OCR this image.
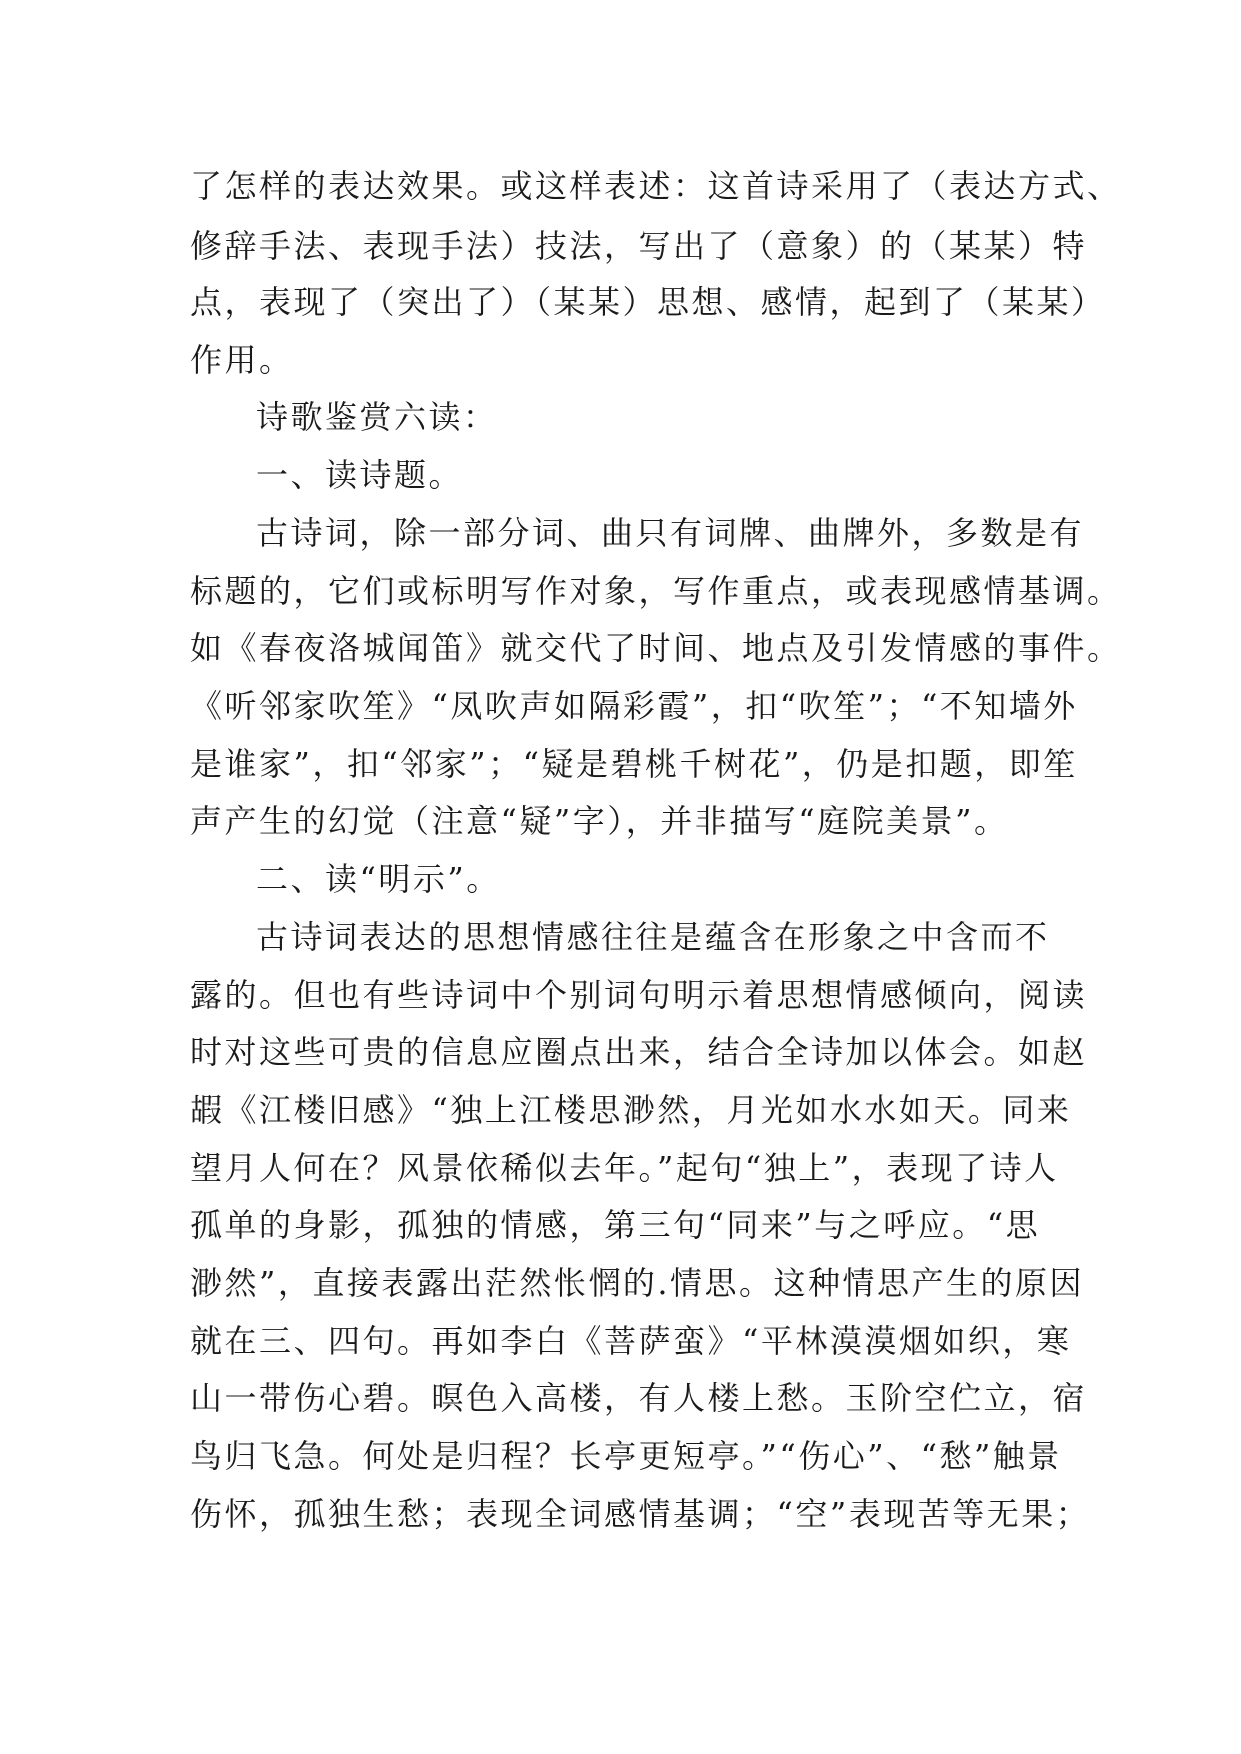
了怎样的表达效果。或这样表述：这首诗采用了（表达方式、
修辞手法、表现手法）技法，写出了（意象）的（某某）特
点，表现了（突出了）（某某）思想、感情，起到了（某某）
作用。
诗歌鉴赏六读：
一、读诗题。
古诗词，除一部分词、曲只有词牌、曲牌外，多数是有
标题的，它们或标明写作对象，写作重点，或表现感情基调。
如《春夜洛城闻笛》就交代了时间、地点及引发情感的事件。
《听邻家吹笙》“凤吹声如隔彩霞”，扣“吹笙”；“不知墙外
是谁家”，扣“邻家”；“疑是碧桃千树花”，仍是扣题，即笙
声产生的幻觉（注意“疑”字），并非描写“庭院美景”。
二、读“明示”。
古诗词表达的思想情感往往是蕴含在形象之中含而不
露的。但也有些诗词中个别词句明示着思想情感倾向，阅读
时对这些可贵的信息应圈点出来，结合全诗加以体会。如赵
嘏《江楼旧感》“独上江楼思渺然，月光如水水如天。同来
望月人何在？风景依稀似去年。”起句“独上”，表现了诗人
孤单的身影，孤独的情感，第三句“同来”与之呼应。“思
渺然”，直接表露出茫然怅惘的.情思。这种情思产生的原因
就在三、四句。再如李白《菩萨蛮》“平林漠漠烟如织，寒
山一带伤心碧。暝色入高楼，有人楼上愁。玉阶空伫立，宿
鸟归飞急。何处是归程？长亭更短亭。”“伤心”、“愁”触景
伤怀，孤独生愁；表现全词感情基调；“空”表现苦等无果；
